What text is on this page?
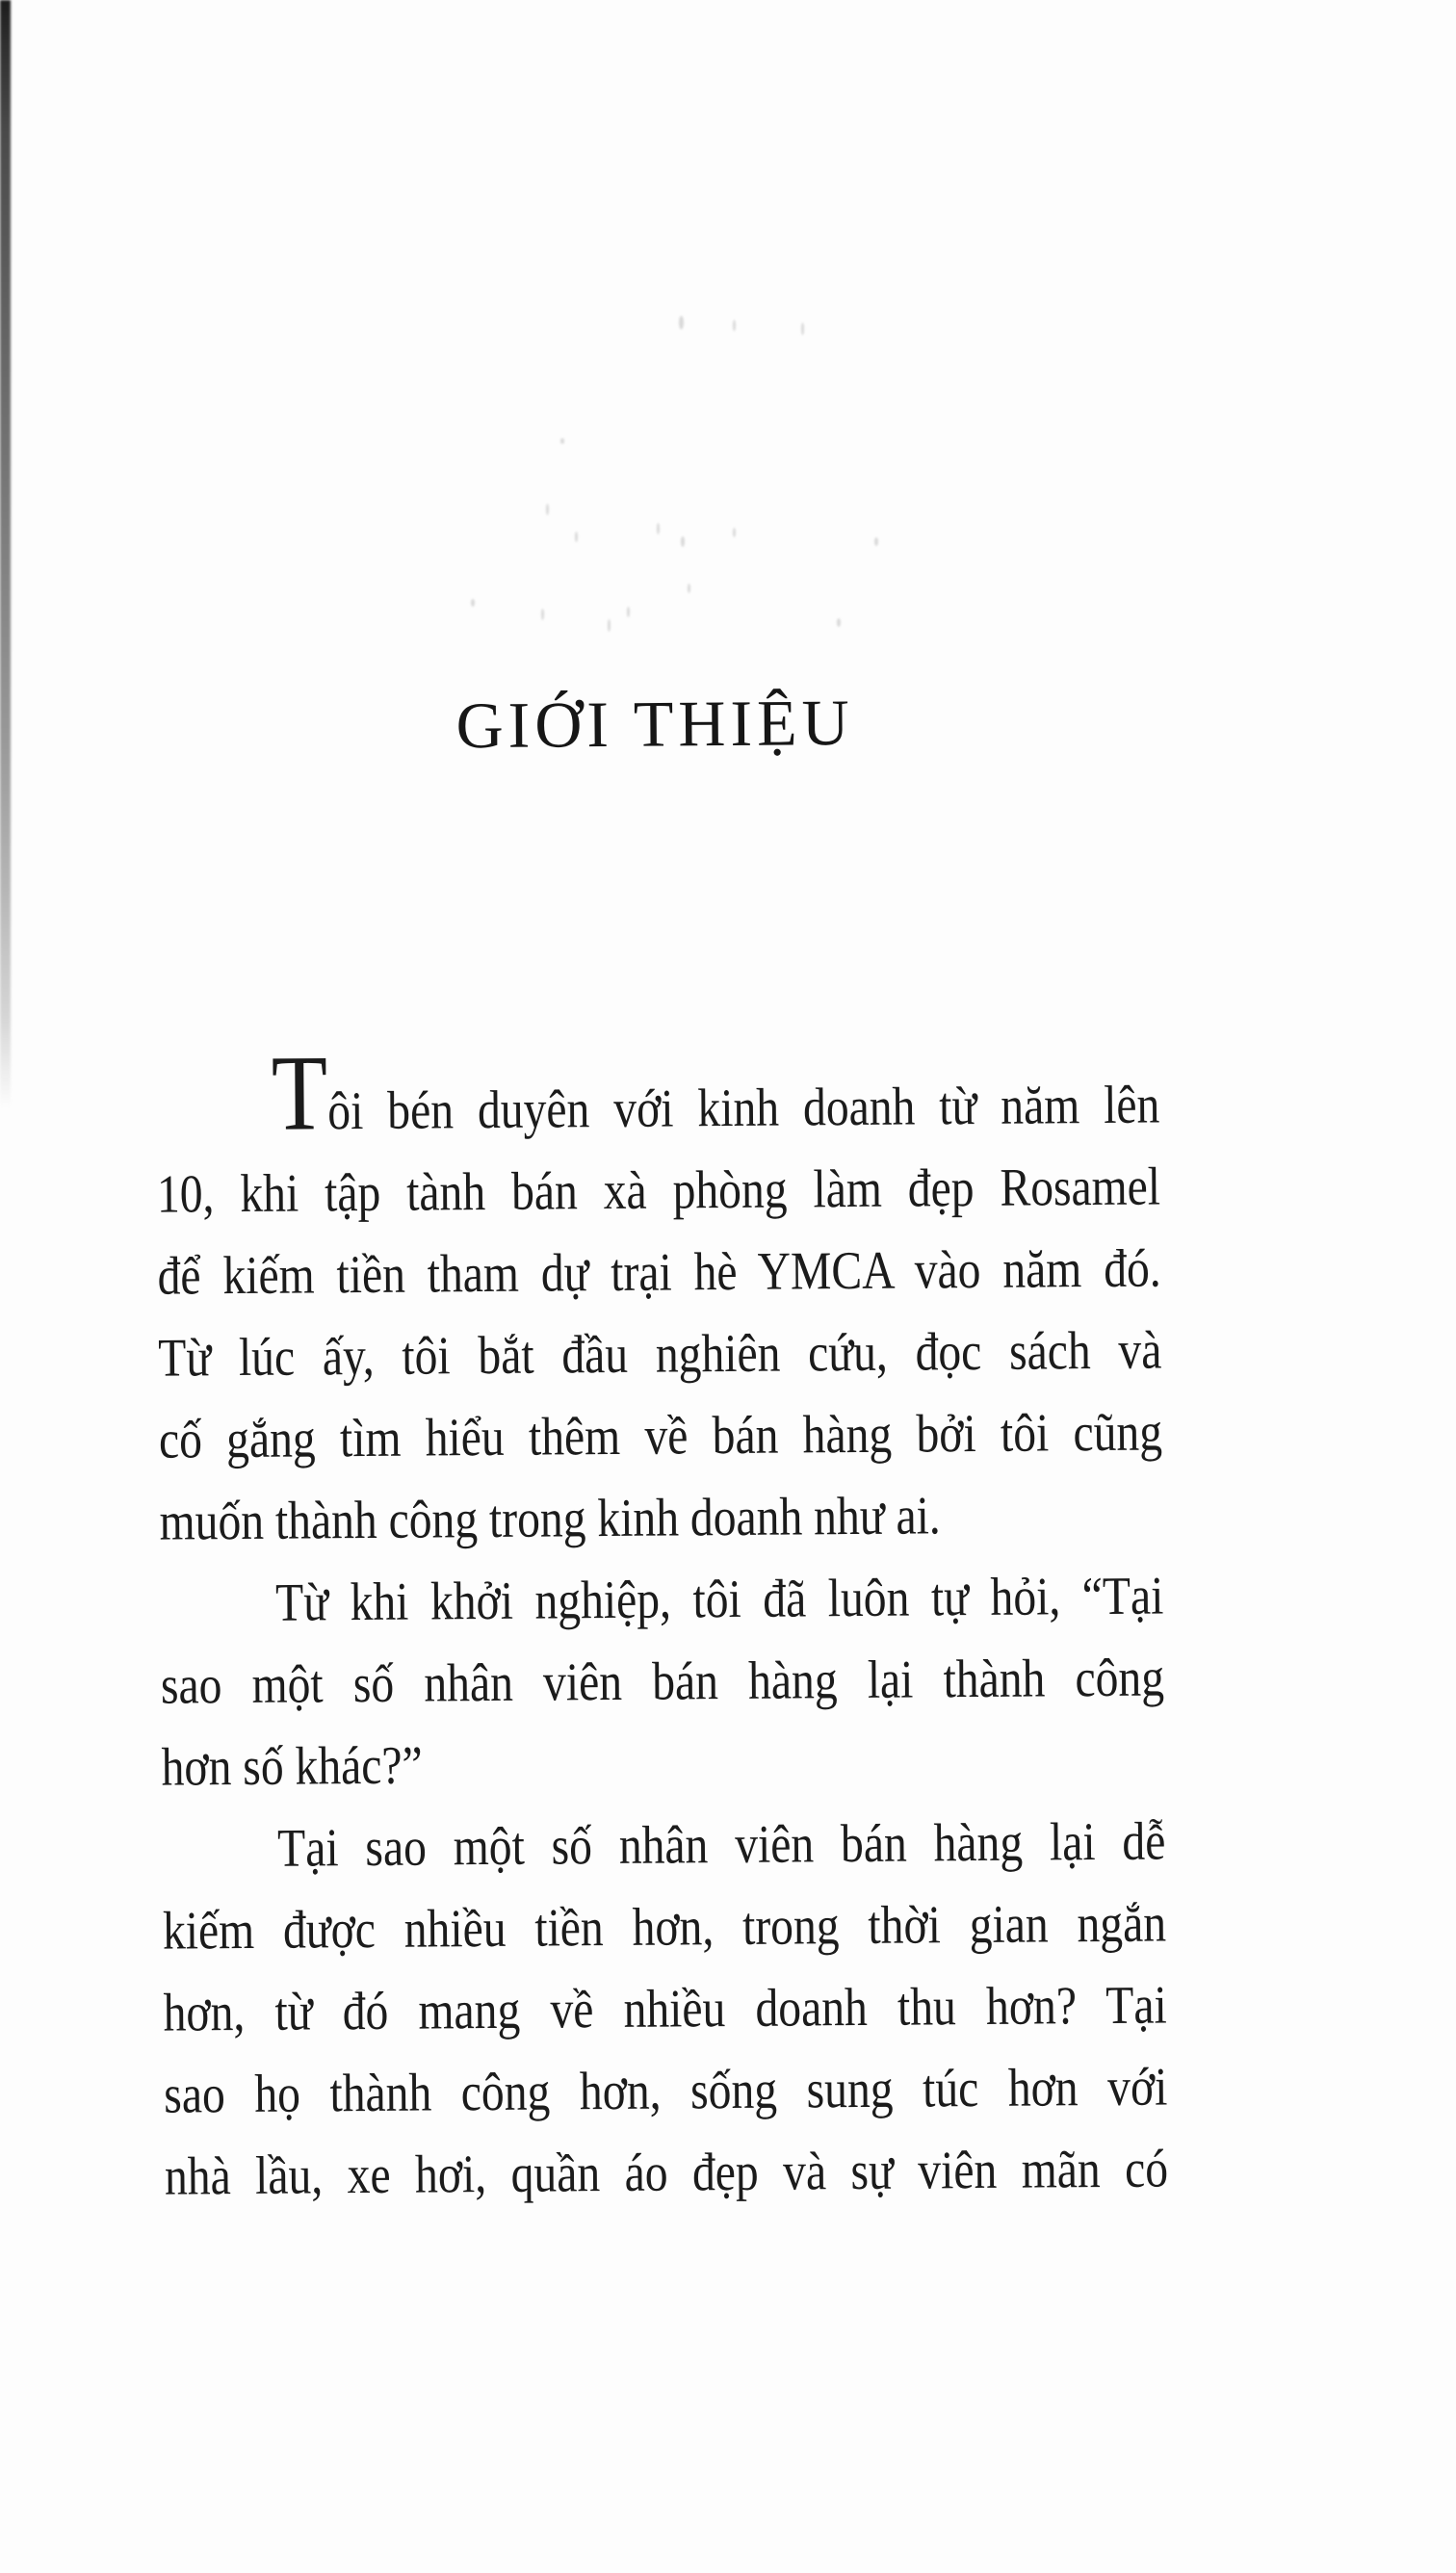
GIỚI THIỆU
Tôi bén duyên với kinh doanh từ năm lên
10, khi tập tành bán xà phòng làm đẹp Rosamel
để kiếm tiền tham dự trại hè YMCA vào năm đó.
Từ lúc ấy, tôi bắt đầu nghiên cứu, đọc sách và
cố gắng tìm hiểu thêm về bán hàng bởi tôi cũng
muốn thành công trong kinh doanh như ai.
Từ khi khởi nghiệp, tôi đã luôn tự hỏi, “Tại
sao một số nhân viên bán hàng lại thành công
hơn số khác?”
Tại sao một số nhân viên bán hàng lại dễ
kiếm được nhiều tiền hơn, trong thời gian ngắn
hơn, từ đó mang về nhiều doanh thu hơn? Tại
sao họ thành công hơn, sống sung túc hơn với
nhà lầu, xe hơi, quần áo đẹp và sự viên mãn có
